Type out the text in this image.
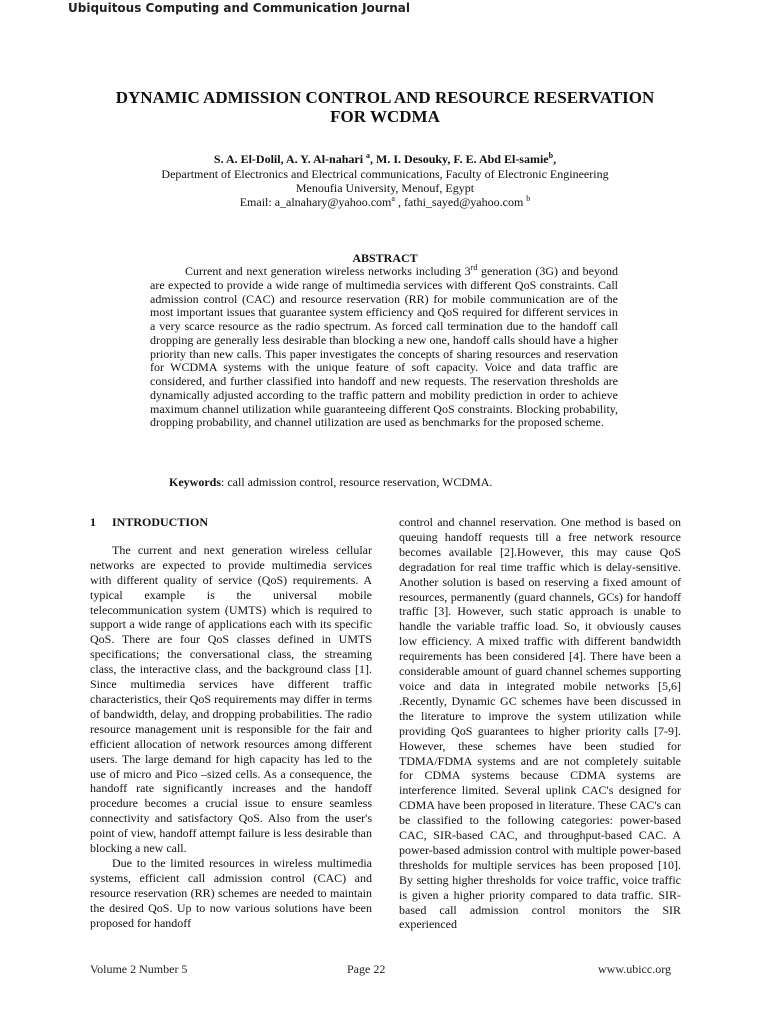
Ubiquitous Computing and Communication Journal
DYNAMIC ADMISSION CONTROL AND RESOURCE RESERVATION FOR WCDMA
S. A. El-Dolil, A. Y. Al-nahari $^a$, M. I. Desouky, F. E. Abd El-samie$^b$,
Department of Electronics and Electrical communications, Faculty of Electronic Engineering
Menoufia University, Menouf, Egypt
Email: a_alnahary@yahoo.com$^a$ , fathi_sayed@yahoo.com $^b$
ABSTRACT

Current and next generation wireless networks including 3rd generation (3G) and beyond are expected to provide a wide range of multimedia services with different QoS constraints. Call admission control (CAC) and resource reservation (RR) for mobile communication are of the most important issues that guarantee system efficiency and QoS required for different services in a very scarce resource as the radio spectrum. As forced call termination due to the handoff call dropping are generally less desirable than blocking a new one, handoff calls should have a higher priority than new calls. This paper investigates the concepts of sharing resources and reservation for WCDMA systems with the unique feature of soft capacity. Voice and data traffic are considered, and further classified into handoff and new requests. The reservation thresholds are dynamically adjusted according to the traffic pattern and mobility prediction in order to achieve maximum channel utilization while guaranteeing different QoS constraints. Blocking probability, dropping probability, and channel utilization are used as benchmarks for the proposed scheme.

Keywords: call admission control, resource reservation, WCDMA.
1	INTRODUCTION

The current and next generation wireless cellular networks are expected to provide multimedia services with different quality of service (QoS) requirements. A typical example is the universal mobile telecommunication system (UMTS) which is required to support a wide range of applications each with its specific QoS. There are four QoS classes defined in UMTS specifications; the conversational class, the streaming class, the interactive class, and the background class [1]. Since multimedia services have different traffic characteristics, their QoS requirements may differ in terms of bandwidth, delay, and dropping probabilities. The radio resource management unit is responsible for the fair and efficient allocation of network resources among different users. The large demand for high capacity has led to the use of micro and Pico –sized cells. As a consequence, the handoff rate significantly increases and the handoff procedure becomes a crucial issue to ensure seamless connectivity and satisfactory QoS. Also from the user's point of view, handoff attempt failure is less desirable than blocking a new call.

Due to the limited resources in wireless multimedia systems, efficient call admission control (CAC) and resource reservation (RR) schemes are needed to maintain the desired QoS. Up to now various solutions have been proposed for handoff

control and channel reservation. One method is based on queuing handoff requests till a free network resource becomes available [2].However, this may cause QoS degradation for real time traffic which is delay-sensitive. Another solution is based on reserving a fixed amount of resources, permanently (guard channels, GCs) for handoff traffic [3]. However, such static approach is unable to handle the variable traffic load. So, it obviously causes low efficiency. A mixed traffic with different bandwidth requirements has been considered [4]. There have been a considerable amount of guard channel schemes supporting voice and data in integrated mobile networks [5,6] .Recently, Dynamic GC schemes have been discussed in the literature to improve the system utilization while providing QoS guarantees to higher priority calls [7-9]. However, these schemes have been studied for TDMA/FDMA systems and are not completely suitable for CDMA systems because CDMA systems are interference limited. Several uplink CAC's designed for CDMA have been proposed in literature. These CAC's can be classified to the following categories: power-based CAC, SIR-based CAC, and throughput-based CAC. A power-based admission control with multiple power-based thresholds for multiple services has been proposed [10]. By setting higher thresholds for voice traffic, voice traffic is given a higher priority compared to data traffic. SIR-based call admission control monitors the SIR experienced

Volume 2 Number 5	Page 22	www.ubicc.org
